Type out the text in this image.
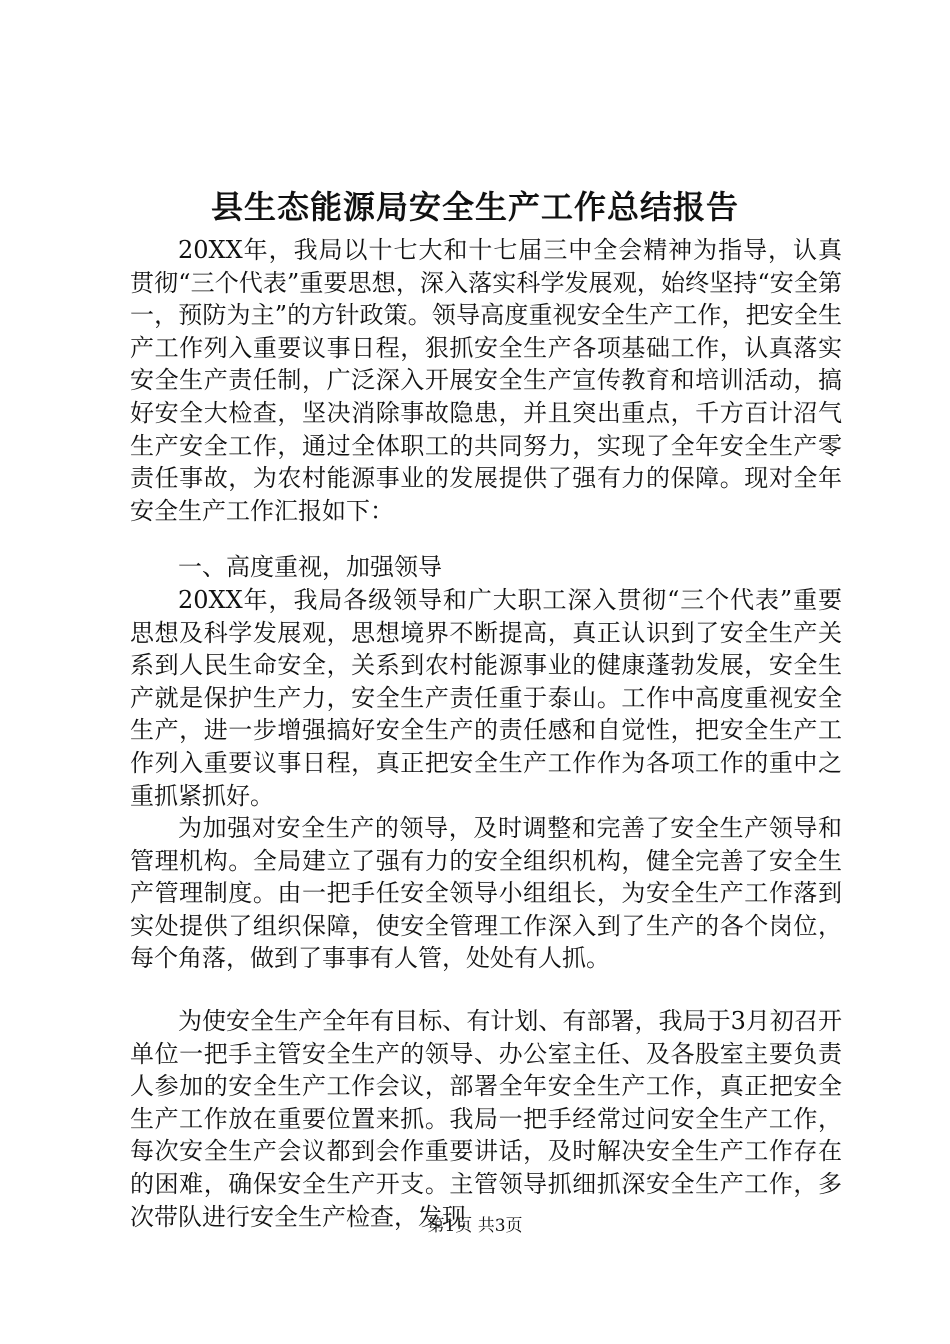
县生态能源局安全生产工作总结报告

20XX年，我局以十七大和十七届三中全会精神为指导，认真贯彻“三个代表”重要思想，深入落实科学发展观，始终坚持“安全第一，预防为主”的方针政策。领导高度重视安全生产工作，把安全生产工作列入重要议事日程，狠抓安全生产各项基础工作，认真落实安全生产责任制，广泛深入开展安全生产宣传教育和培训活动，搞好安全大检查，坚决消除事故隐患，并且突出重点，千方百计沼气生产安全工作，通过全体职工的共同努力，实现了全年安全生产零责任事故，为农村能源事业的发展提供了强有力的保障。现对全年安全生产工作汇报如下：

一、高度重视，加强领导

20XX年，我局各级领导和广大职工深入贯彻“三个代表”重要思想及科学发展观，思想境界不断提高，真正认识到了安全生产关系到人民生命安全，关系到农村能源事业的健康蓬勃发展，安全生产就是保护生产力，安全生产责任重于泰山。工作中高度重视安全生产，进一步增强搞好安全生产的责任感和自觉性，把安全生产工作列入重要议事日程，真正把安全生产工作作为各项工作的重中之重抓紧抓好。

为加强对安全生产的领导，及时调整和完善了安全生产领导和管理机构。全局建立了强有力的安全组织机构，健全完善了安全生产管理制度。由一把手任安全领导小组组长，为安全生产工作落到实处提供了组织保障，使安全管理工作深入到了生产的各个岗位，每个角落，做到了事事有人管，处处有人抓。

为使安全生产全年有目标、有计划、有部署，我局于3月初召开单位一把手主管安全生产的领导、办公室主任、及各股室主要负责人参加的安全生产工作会议，部署全年安全生产工作，真正把安全生产工作放在重要位置来抓。我局一把手经常过问安全生产工作，每次安全生产会议都到会作重要讲话，及时解决安全生产工作存在的困难，确保安全生产开支。主管领导抓细抓深安全生产工作，多次带队进行安全生产检查，发现

第1页 共3页
